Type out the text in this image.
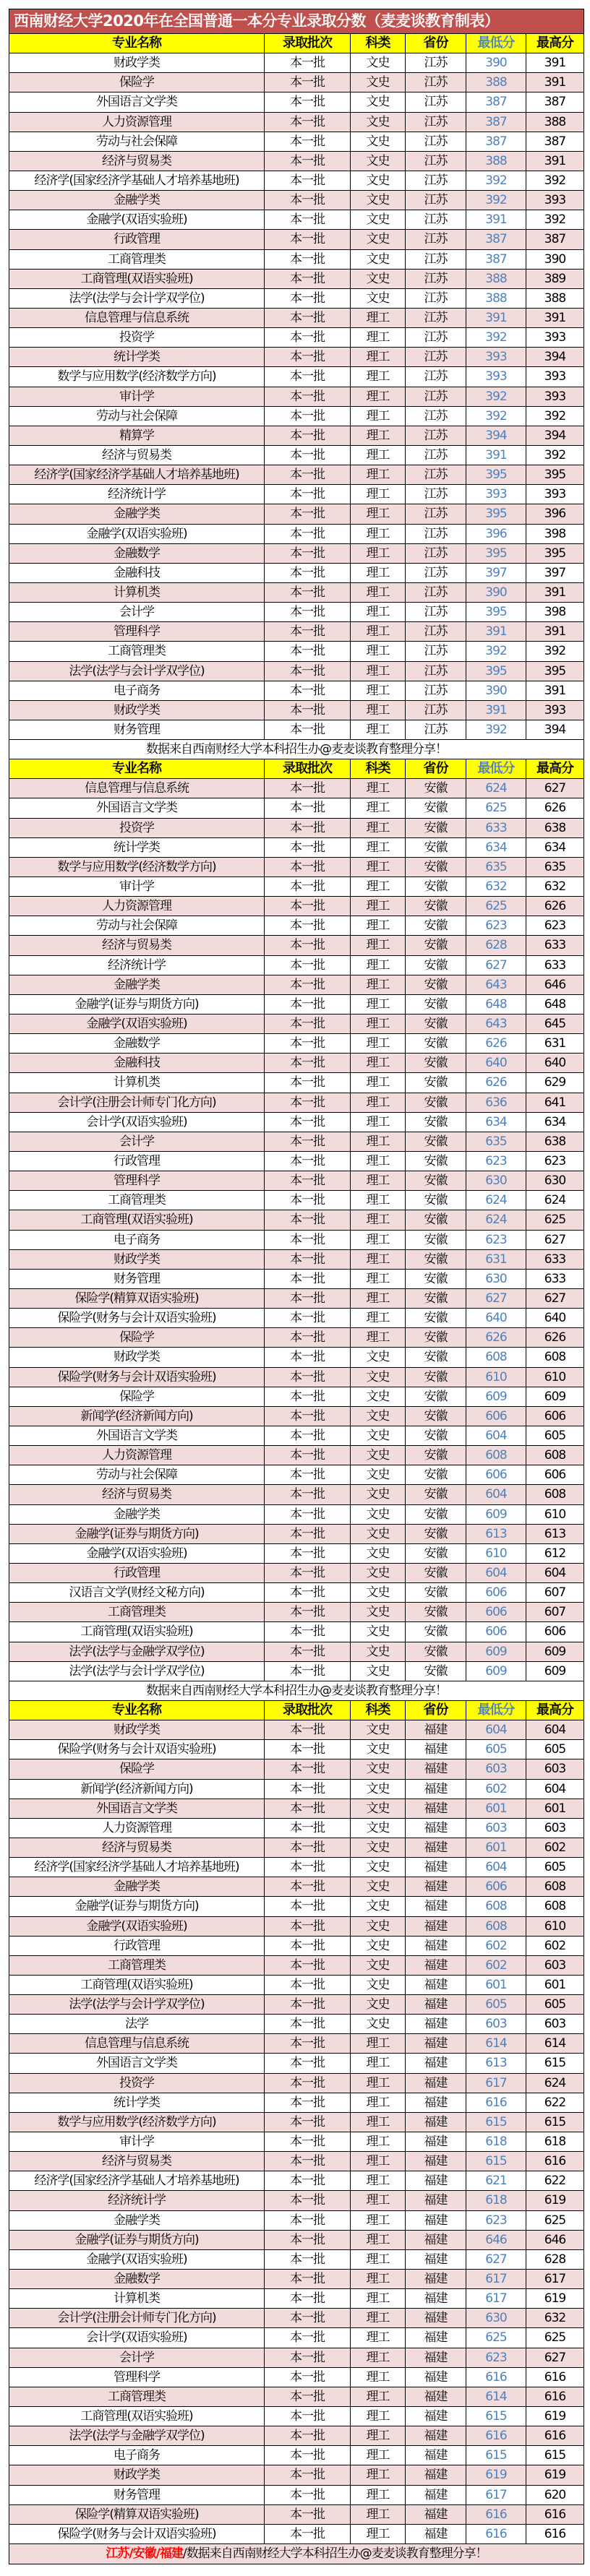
西南财经大学2020年在全国普通一本分专业录取分数（麦麦谈教育制表）
专业名称	录取批次	科类	省份	最低分	最高分
财政学类	本一批	文史	江苏	390	391
保险学	本一批	文史	江苏	388	391
外国语言文学类	本一批	文史	江苏	387	387
人力资源管理	本一批	文史	江苏	387	388
劳动与社会保障	本一批	文史	江苏	387	387
经济与贸易类	本一批	文史	江苏	388	391
经济学(国家经济学基础人才培养基地班)	本一批	文史	江苏	392	392
金融学类	本一批	文史	江苏	392	393
金融学(双语实验班)	本一批	文史	江苏	391	392
行政管理	本一批	文史	江苏	387	387
工商管理类	本一批	文史	江苏	387	390
工商管理(双语实验班)	本一批	文史	江苏	388	389
法学(法学与会计学双学位)	本一批	文史	江苏	388	388
信息管理与信息系统	本一批	理工	江苏	391	391
投资学	本一批	理工	江苏	392	393
统计学类	本一批	理工	江苏	393	394
数学与应用数学(经济数学方向)	本一批	理工	江苏	393	393
审计学	本一批	理工	江苏	392	393
劳动与社会保障	本一批	理工	江苏	392	392
精算学	本一批	理工	江苏	394	394
经济与贸易类	本一批	理工	江苏	391	392
经济学(国家经济学基础人才培养基地班)	本一批	理工	江苏	395	395
经济统计学	本一批	理工	江苏	393	393
金融学类	本一批	理工	江苏	395	396
金融学(双语实验班)	本一批	理工	江苏	396	398
金融数学	本一批	理工	江苏	395	395
金融科技	本一批	理工	江苏	397	397
计算机类	本一批	理工	江苏	390	391
会计学	本一批	理工	江苏	395	398
管理科学	本一批	理工	江苏	391	391
工商管理类	本一批	理工	江苏	392	392
法学(法学与会计学双学位)	本一批	理工	江苏	395	395
电子商务	本一批	理工	江苏	390	391
财政学类	本一批	理工	江苏	391	393
财务管理	本一批	理工	江苏	392	394
数据来自西南财经大学本科招生办@麦麦谈教育整理分享！
专业名称	录取批次	科类	省份	最低分	最高分
信息管理与信息系统	本一批	理工	安徽	624	627
外国语言文学类	本一批	理工	安徽	625	626
投资学	本一批	理工	安徽	633	638
统计学类	本一批	理工	安徽	634	634
数学与应用数学(经济数学方向)	本一批	理工	安徽	635	635
审计学	本一批	理工	安徽	632	632
人力资源管理	本一批	理工	安徽	625	626
劳动与社会保障	本一批	理工	安徽	623	623
经济与贸易类	本一批	理工	安徽	628	633
经济统计学	本一批	理工	安徽	627	633
金融学类	本一批	理工	安徽	643	646
金融学(证券与期货方向)	本一批	理工	安徽	648	648
金融学(双语实验班)	本一批	理工	安徽	643	645
金融数学	本一批	理工	安徽	626	631
金融科技	本一批	理工	安徽	640	640
计算机类	本一批	理工	安徽	626	629
会计学(注册会计师专门化方向)	本一批	理工	安徽	636	641
会计学(双语实验班)	本一批	理工	安徽	634	634
会计学	本一批	理工	安徽	635	638
行政管理	本一批	理工	安徽	623	623
管理科学	本一批	理工	安徽	630	630
工商管理类	本一批	理工	安徽	624	624
工商管理(双语实验班)	本一批	理工	安徽	624	625
电子商务	本一批	理工	安徽	623	627
财政学类	本一批	理工	安徽	631	633
财务管理	本一批	理工	安徽	630	633
保险学(精算双语实验班)	本一批	理工	安徽	627	627
保险学(财务与会计双语实验班)	本一批	理工	安徽	640	640
保险学	本一批	理工	安徽	626	626
财政学类	本一批	文史	安徽	608	608
保险学(财务与会计双语实验班)	本一批	文史	安徽	610	610
保险学	本一批	文史	安徽	609	609
新闻学(经济新闻方向)	本一批	文史	安徽	606	606
外国语言文学类	本一批	文史	安徽	604	605
人力资源管理	本一批	文史	安徽	608	608
劳动与社会保障	本一批	文史	安徽	606	606
经济与贸易类	本一批	文史	安徽	604	608
金融学类	本一批	文史	安徽	609	610
金融学(证券与期货方向)	本一批	文史	安徽	613	613
金融学(双语实验班)	本一批	文史	安徽	610	612
行政管理	本一批	文史	安徽	604	604
汉语言文学(财经文秘方向)	本一批	文史	安徽	606	607
工商管理类	本一批	文史	安徽	606	607
工商管理(双语实验班)	本一批	文史	安徽	606	606
法学(法学与金融学双学位)	本一批	文史	安徽	609	609
法学(法学与会计学双学位)	本一批	文史	安徽	609	609
数据来自西南财经大学本科招生办@麦麦谈教育整理分享！
专业名称	录取批次	科类	省份	最低分	最高分
财政学类	本一批	文史	福建	604	604
保险学(财务与会计双语实验班)	本一批	文史	福建	605	605
保险学	本一批	文史	福建	603	603
新闻学(经济新闻方向)	本一批	文史	福建	602	604
外国语言文学类	本一批	文史	福建	601	601
人力资源管理	本一批	文史	福建	603	603
经济与贸易类	本一批	文史	福建	601	602
经济学(国家经济学基础人才培养基地班)	本一批	文史	福建	604	605
金融学类	本一批	文史	福建	606	608
金融学(证券与期货方向)	本一批	文史	福建	608	608
金融学(双语实验班)	本一批	文史	福建	608	610
行政管理	本一批	文史	福建	602	602
工商管理类	本一批	文史	福建	602	603
工商管理(双语实验班)	本一批	文史	福建	601	601
法学(法学与会计学双学位)	本一批	文史	福建	605	605
法学	本一批	文史	福建	603	603
信息管理与信息系统	本一批	理工	福建	614	614
外国语言文学类	本一批	理工	福建	613	615
投资学	本一批	理工	福建	617	624
统计学类	本一批	理工	福建	616	622
数学与应用数学(经济数学方向)	本一批	理工	福建	615	615
审计学	本一批	理工	福建	618	618
经济与贸易类	本一批	理工	福建	615	616
经济学(国家经济学基础人才培养基地班)	本一批	理工	福建	621	622
经济统计学	本一批	理工	福建	618	619
金融学类	本一批	理工	福建	623	625
金融学(证券与期货方向)	本一批	理工	福建	646	646
金融学(双语实验班)	本一批	理工	福建	627	628
金融数学	本一批	理工	福建	617	617
计算机类	本一批	理工	福建	617	619
会计学(注册会计师专门化方向)	本一批	理工	福建	630	632
会计学(双语实验班)	本一批	理工	福建	625	625
会计学	本一批	理工	福建	623	627
管理科学	本一批	理工	福建	616	616
工商管理类	本一批	理工	福建	614	616
工商管理(双语实验班)	本一批	理工	福建	615	619
法学(法学与金融学双学位)	本一批	理工	福建	616	616
电子商务	本一批	理工	福建	615	615
财政学类	本一批	理工	福建	619	619
财务管理	本一批	理工	福建	617	620
保险学(精算双语实验班)	本一批	理工	福建	616	616
保险学(财务与会计双语实验班)	本一批	理工	福建	616	616
江苏/安徽/福建 /数据来自西南财经大学本科招生办@麦麦谈教育整理分享！
